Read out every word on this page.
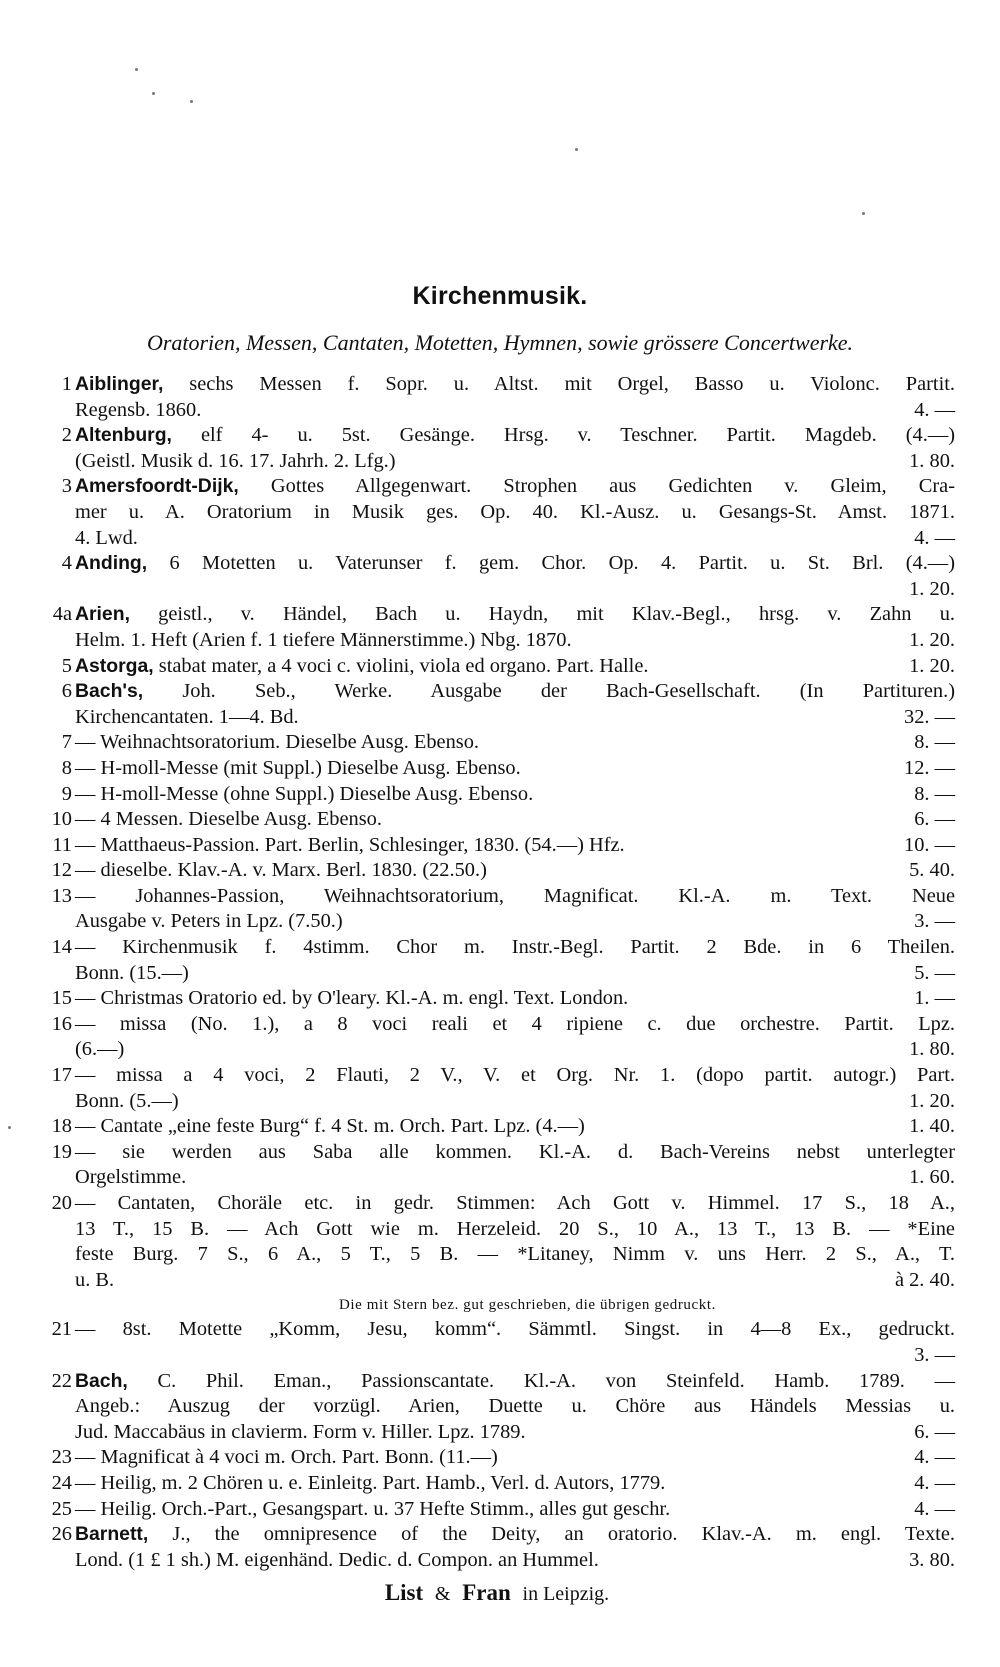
Kirchenmusik.
Oratorien, Messen, Cantaten, Motetten, Hymnen, sowie grössere Concertwerke.
1 Aiblinger, sechs Messen f. Sopr. u. Altst. mit Orgel, Basso u. Violonc. Partit.
Regensb. 1860.	4. —
2 Altenburg, elf 4- u. 5st. Gesänge. Hrsg. v. Teschner. Partit. Magdeb. (4.—)
(Geistl. Musik d. 16. 17. Jahrh. 2. Lfg.)	1. 80.
3 Amersfoordt-Dijk, Gottes Allgegenwart. Strophen aus Gedichten v. Gleim, Cra-
mer u. A. Oratorium in Musik ges. Op. 40. Kl.-Ausz. u. Gesangs-St. Amst. 1871.
4. Lwd.	4. —
4 Anding, 6 Motetten u. Vaterunser f. gem. Chor. Op. 4. Partit. u. St. Brl. (4.—)
1. 20.
4a Arien, geistl., v. Händel, Bach u. Haydn, mit Klav.-Begl., hrsg. v. Zahn u.
Helm. 1. Heft (Arien f. 1 tiefere Männerstimme.) Nbg. 1870.	1. 20.
5 Astorga, stabat mater, a 4 voci c. violini, viola ed organo. Part. Halle.	1. 20.
6 Bach's, Joh. Seb., Werke. Ausgabe der Bach-Gesellschaft. (In Partituren.)
Kirchencantaten. 1—4. Bd.	32. —
7 — Weihnachtsoratorium. Dieselbe Ausg. Ebenso.	8. —
8 — H-moll-Messe (mit Suppl.) Dieselbe Ausg. Ebenso.	12. —
9 — H-moll-Messe (ohne Suppl.) Dieselbe Ausg. Ebenso.	8. —
10 — 4 Messen. Dieselbe Ausg. Ebenso.	6. —
11 — Matthaeus-Passion. Part. Berlin, Schlesinger, 1830. (54.—) Hfz.	10. —
12 — dieselbe. Klav.-A. v. Marx. Berl. 1830. (22.50.)	5. 40.
13 — Johannes-Passion, Weihnachtsoratorium, Magnificat. Kl.-A. m. Text. Neue
Ausgabe v. Peters in Lpz. (7.50.)	3. —
14 — Kirchenmusik f. 4stimm. Chor m. Instr.-Begl. Partit. 2 Bde. in 6 Theilen.
Bonn. (15.—)	5. —
15 — Christmas Oratorio ed. by O'leary. Kl.-A. m. engl. Text. London.	1. —
16 — missa (No. 1.), a 8 voci reali et 4 ripiene c. due orchestre. Partit. Lpz.
(6.—)	1. 80.
17 — missa a 4 voci, 2 Flauti, 2 V., V. et Org. Nr. 1. (dopo partit. autogr.) Part.
Bonn. (5.—)	1. 20.
18 — Cantate „eine feste Burg“ f. 4 St. m. Orch. Part. Lpz. (4.—)	1. 40.
19 — sie werden aus Saba alle kommen. Kl.-A. d. Bach-Vereins nebst unterlegter
Orgelstimme.	1. 60.
20 — Cantaten, Choräle etc. in gedr. Stimmen: Ach Gott v. Himmel. 17 S., 18 A.,
13 T., 15 B. — Ach Gott wie m. Herzeleid. 20 S., 10 A., 13 T., 13 B. — *Eine
feste Burg. 7 S., 6 A., 5 T., 5 B. — *Litaney, Nimm v. uns Herr. 2 S., A., T.
u. B.	à 2. 40.
Die mit Stern bez. gut geschrieben, die übrigen gedruckt.
21 — 8st. Motette „Komm, Jesu, komm“. Sämmtl. Singst. in 4—8 Ex., gedruckt.
3. —
22 Bach, C. Phil. Eman., Passionscantate. Kl.-A. von Steinfeld. Hamb. 1789. —
Angeb.: Auszug der vorzügl. Arien, Duette u. Chöre aus Händels Messias u.
Jud. Maccabäus in clavierm. Form v. Hiller. Lpz. 1789.	6. —
23 — Magnificat à 4 voci m. Orch. Part. Bonn. (11.—)	4. —
24 — Heilig, m. 2 Chören u. e. Einleitg. Part. Hamb., Verl. d. Autors, 1779.	4. —
25 — Heilig. Orch.-Part., Gesangspart. u. 37 Hefte Stimm., alles gut geschr.	4. —
26 Barnett, J., the omnipresence of the Deity, an oratorio. Klav.-A. m. engl. Texte.
Lond. (1 £ 1 sh.) M. eigenhänd. Dedic. d. Compon. an Hummel.	3. 80.
List & Fran in Leipzig.
